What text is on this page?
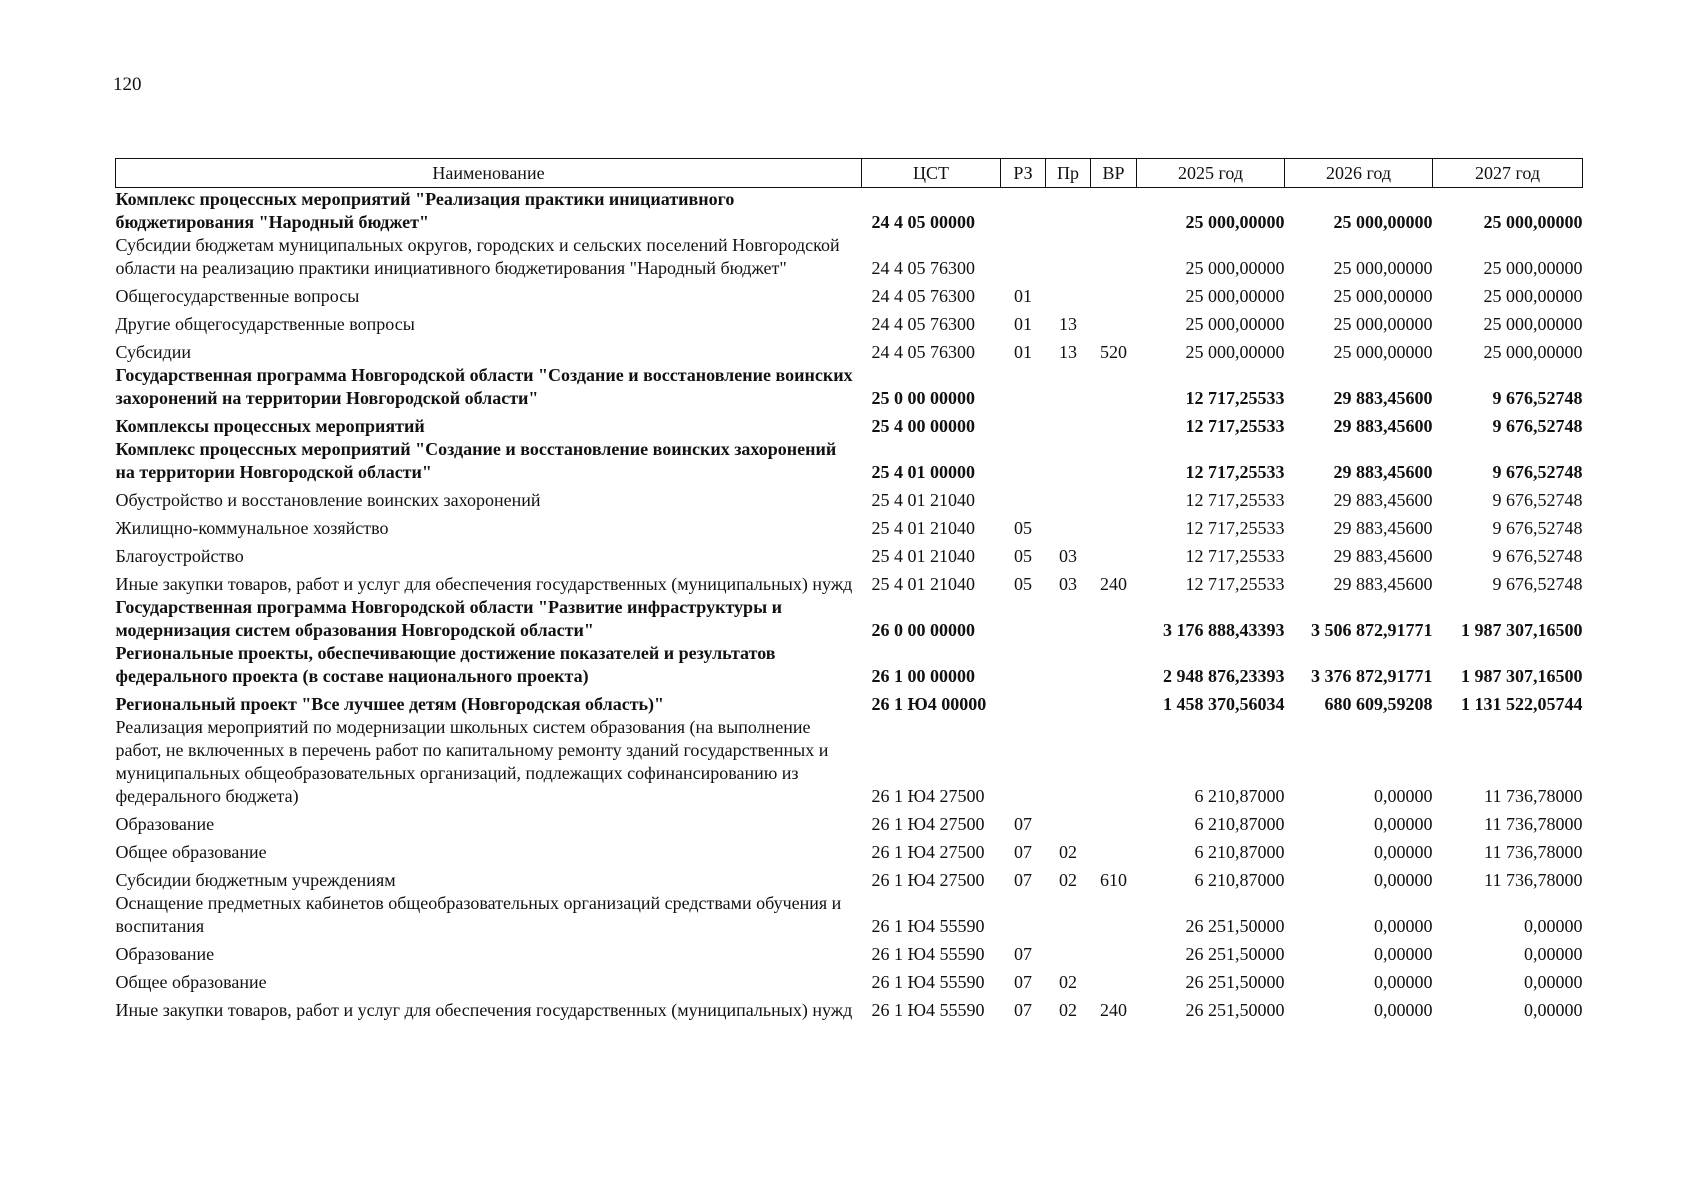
120
Наименование	ЦСТ	РЗ	Пр	ВР	2025 год	2026 год	2027 год
Комплекс процессных мероприятий "Реализация практики инициативного бюджетирования "Народный бюджет"	24 4 05 00000				25 000,00000	25 000,00000	25 000,00000
Субсидии бюджетам муниципальных округов, городских и сельских поселений Новгородской области на реализацию практики инициативного бюджетирования "Народный бюджет"	24 4 05 76300				25 000,00000	25 000,00000	25 000,00000
Общегосударственные вопросы	24 4 05 76300	01			25 000,00000	25 000,00000	25 000,00000
Другие общегосударственные вопросы	24 4 05 76300	01	13		25 000,00000	25 000,00000	25 000,00000
Субсидии	24 4 05 76300	01	13	520	25 000,00000	25 000,00000	25 000,00000
Государственная программа Новгородской области "Создание и восстановление воинских захоронений на территории Новгородской области"	25 0 00 00000				12 717,25533	29 883,45600	9 676,52748
Комплексы процессных мероприятий	25 4 00 00000				12 717,25533	29 883,45600	9 676,52748
Комплекс процессных мероприятий "Создание и восстановление воинских захоронений на территории Новгородской области"	25 4 01 00000				12 717,25533	29 883,45600	9 676,52748
Обустройство и восстановление воинских захоронений	25 4 01 21040				12 717,25533	29 883,45600	9 676,52748
Жилищно-коммунальное хозяйство	25 4 01 21040	05			12 717,25533	29 883,45600	9 676,52748
Благоустройство	25 4 01 21040	05	03		12 717,25533	29 883,45600	9 676,52748
Иные закупки товаров, работ и услуг для обеспечения государственных (муниципальных) нужд	25 4 01 21040	05	03	240	12 717,25533	29 883,45600	9 676,52748
Государственная программа Новгородской области "Развитие инфраструктуры и модернизация систем образования Новгородской области"	26 0 00 00000				3 176 888,43393	3 506 872,91771	1 987 307,16500
Региональные проекты, обеспечивающие достижение показателей и результатов федерального проекта (в составе национального проекта)	26 1 00 00000				2 948 876,23393	3 376 872,91771	1 987 307,16500
Региональный проект "Все лучшее детям (Новгородская область)"	26 1 Ю4 00000				1 458 370,56034	680 609,59208	1 131 522,05744
Реализация мероприятий по модернизации школьных систем образования (на выполнение работ, не включенных в перечень работ по капитальному ремонту зданий государственных и муниципальных общеобразовательных организаций, подлежащих софинансированию из федерального бюджета)	26 1 Ю4 27500				6 210,87000	0,00000	11 736,78000
Образование	26 1 Ю4 27500	07			6 210,87000	0,00000	11 736,78000
Общее образование	26 1 Ю4 27500	07	02		6 210,87000	0,00000	11 736,78000
Субсидии бюджетным учреждениям	26 1 Ю4 27500	07	02	610	6 210,87000	0,00000	11 736,78000
Оснащение предметных кабинетов общеобразовательных организаций средствами обучения и воспитания	26 1 Ю4 55590				26 251,50000	0,00000	0,00000
Образование	26 1 Ю4 55590	07			26 251,50000	0,00000	0,00000
Общее образование	26 1 Ю4 55590	07	02		26 251,50000	0,00000	0,00000
Иные закупки товаров, работ и услуг для обеспечения государственных (муниципальных) нужд	26 1 Ю4 55590	07	02	240	26 251,50000	0,00000	0,00000
